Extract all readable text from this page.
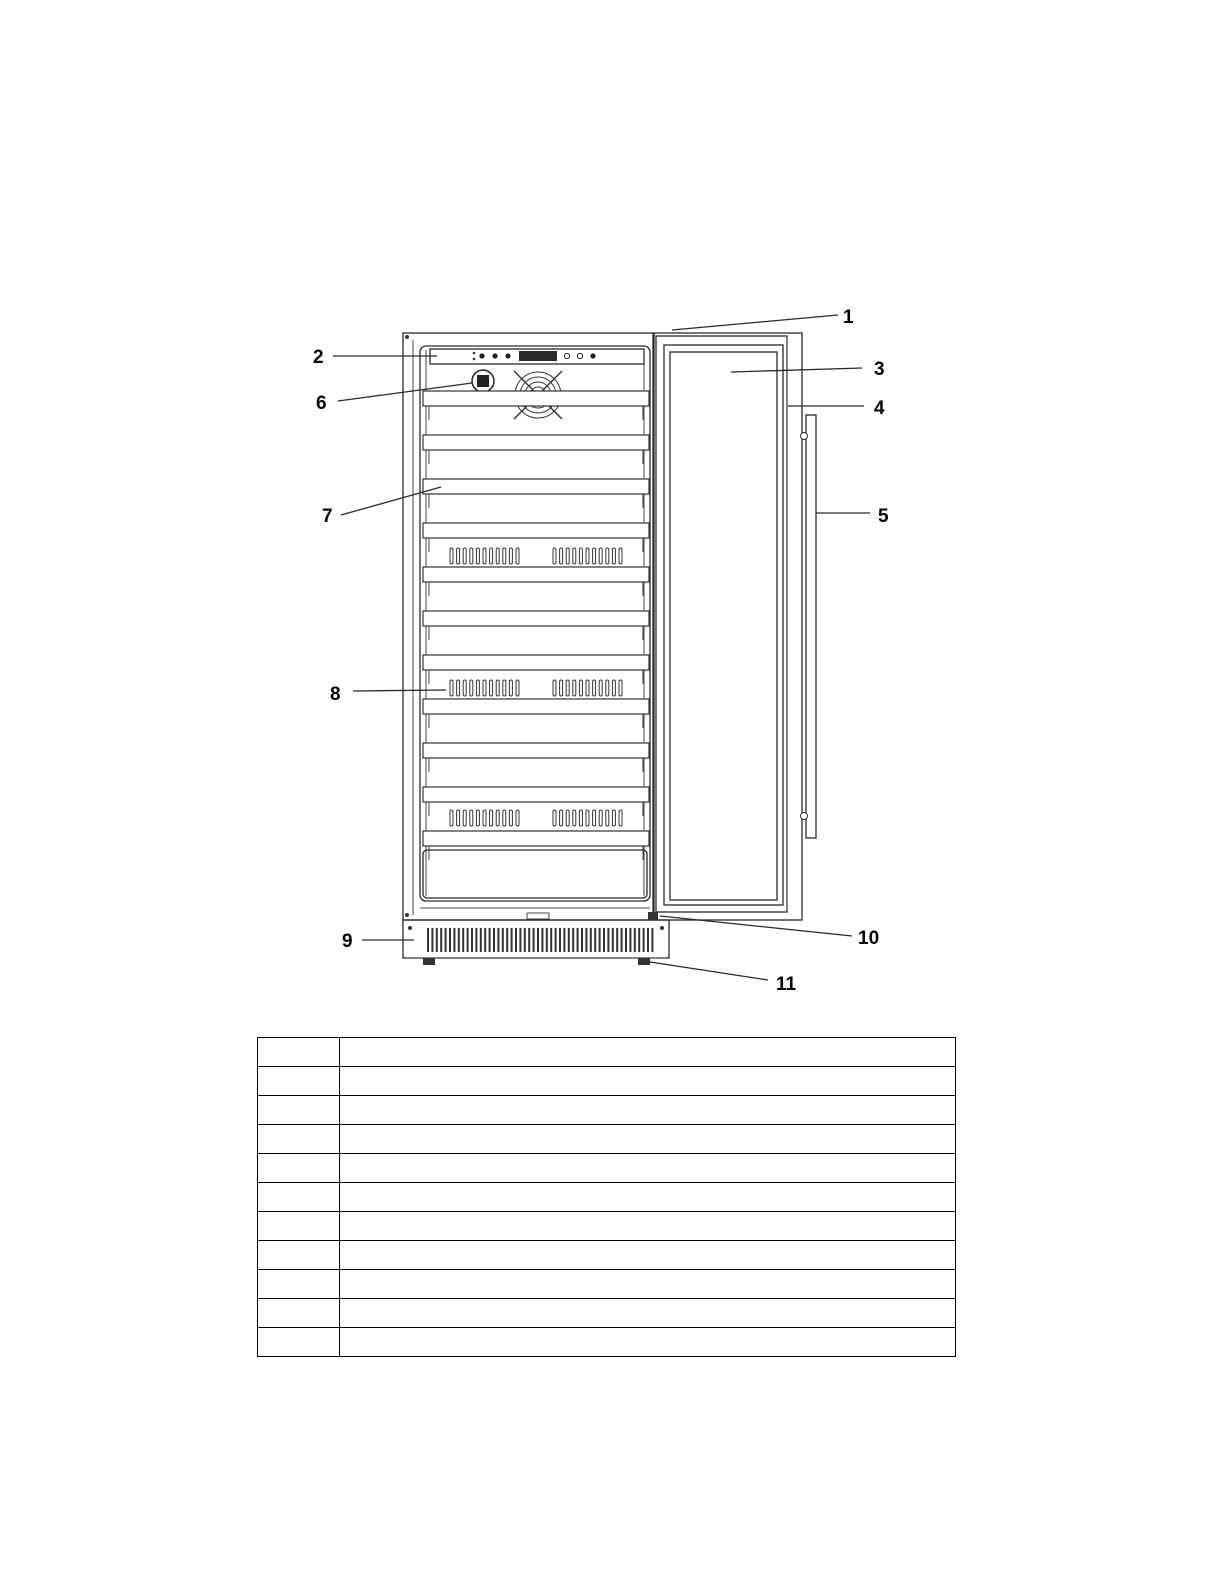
1
2
3
4
5
6
7
8
9	10
11
